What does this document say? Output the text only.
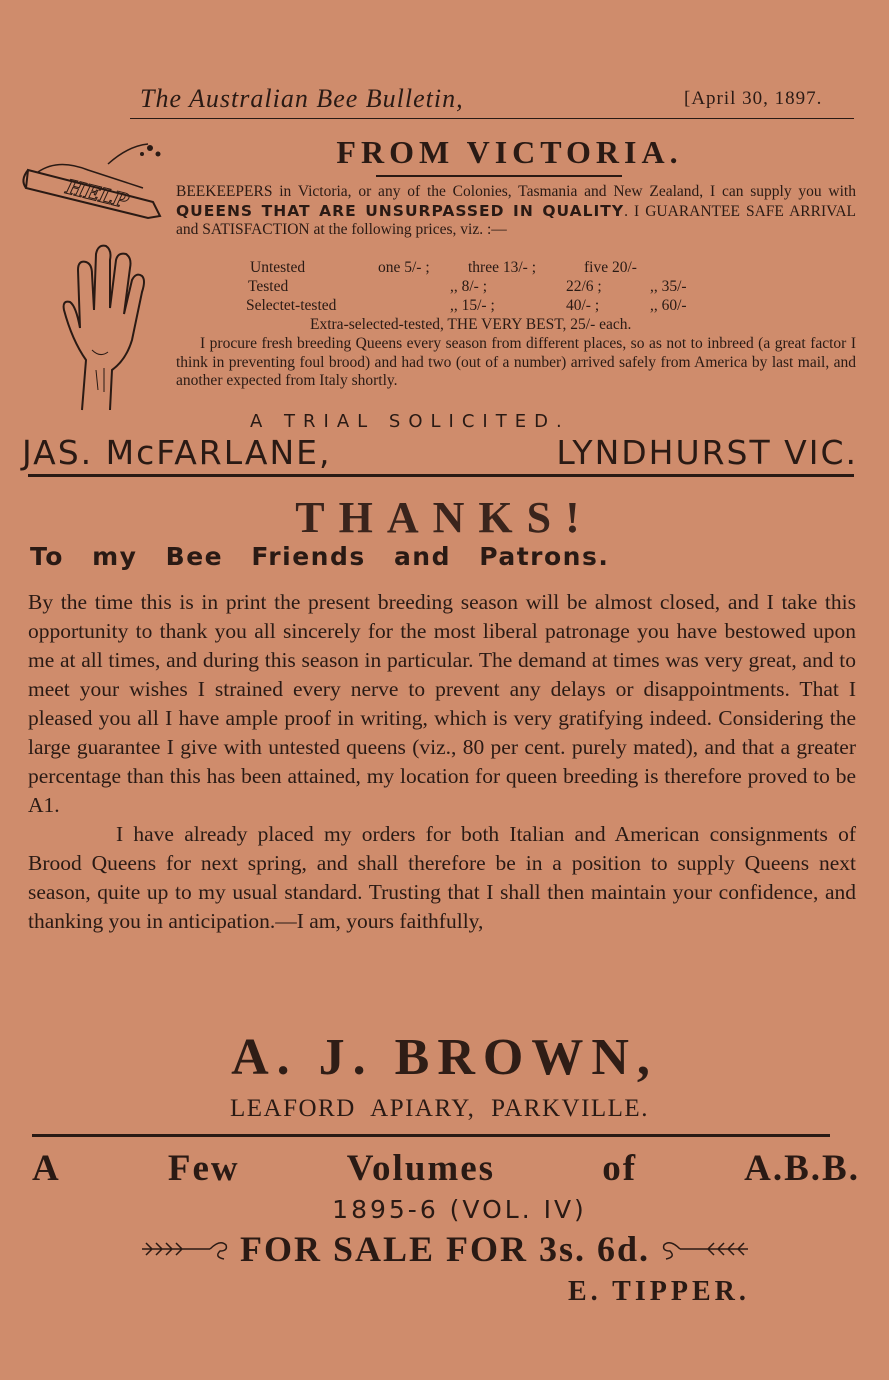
The Australian Bee Bulletin,	[April 30, 1897.
HELP
FROM VICTORIA.
BEEKEEPERS in Victoria, or any of the Colonies, Tasmania and New Zealand, I can supply you with QUEENS THAT ARE UNSURPASSED IN QUALITY. I GUARANTEE SAFE ARRIVAL and SATISFACTION at the following prices, viz. :—
Untested	one 5/- ; three 13/- ;	five 20/-
Tested	,, 8/- ;	22/6 ;	,, 35/-
Selectet-tested	,, 15/- ;	40/- ;	,, 60/-
Extra-selected-tested, THE VERY BEST, 25/- each.
I procure fresh breeding Queens every season from different places, so as not to inbreed (a great factor I think in preventing foul brood) and had two (out of a number) arrived safely from America by last mail, and another expected from Italy shortly.
A TRIAL SOLICITED.
JAS. McFARLANE,	LYNDHURST VIC.
THANKS!
To my Bee Friends and Patrons.

By the time this is in print the present breeding season will be almost closed, and I take this opportunity to thank you all sincerely for the most liberal patronage you have bestowed upon me at all times, and during this season in particular. The demand at times was very great, and to meet your wishes I strained every nerve to prevent any delays or disappointments. That I pleased you all I have ample proof in writing, which is very gratifying indeed. Considering the large guarantee I give with untested queens (viz., 80 per cent. purely mated), and that a greater percentage than this has been attained, my location for queen breeding is therefore proved to be A1.

I have already placed my orders for both Italian and American consignments of Brood Queens for next spring, and shall therefore be in a position to supply Queens next season, quite up to my usual standard. Trusting that I shall then maintain your confidence, and thanking you in anticipation.—I am, yours faithfully,

A. J. BROWN,
LEAFORD APIARY, PARKVILLE.
A	Few	Volumes	of	A.B.B.
1895-6 (VOL. IV)
FOR SALE FOR 3s. 6d.
E. TIPPER.
